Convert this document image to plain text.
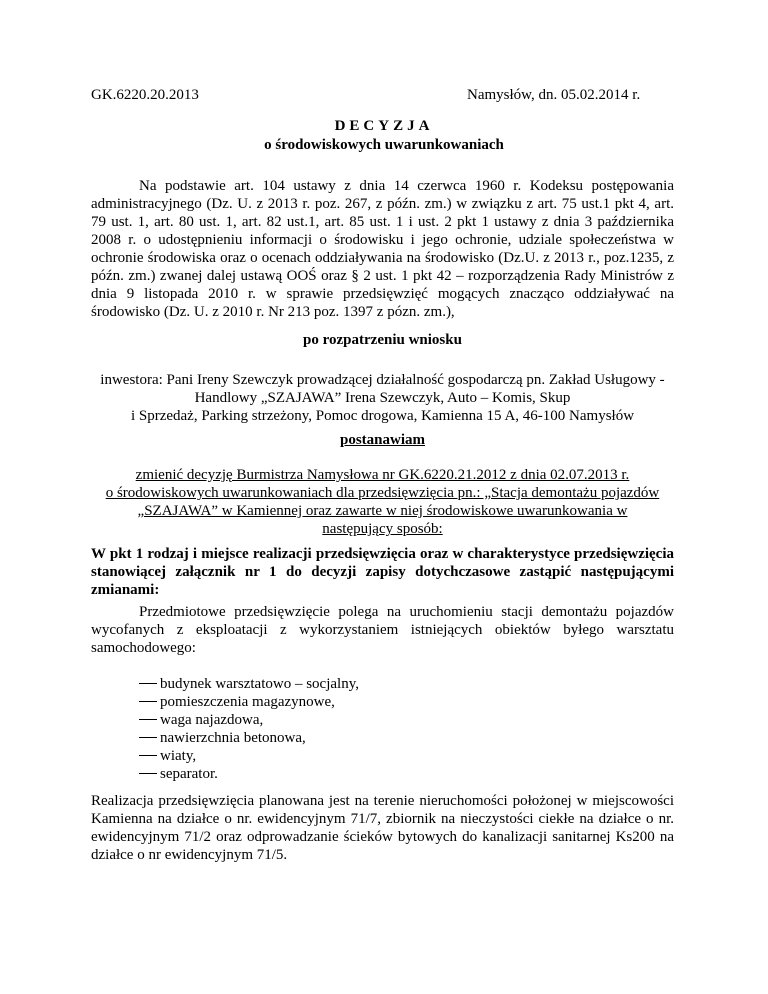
GK.6220.20.2013	Namysłów, dn. 05.02.2014 r.
DECYZJA
o środowiskowych uwarunkowaniach
Na podstawie art. 104 ustawy z dnia 14 czerwca 1960 r. Kodeksu postępowania administracyjnego (Dz. U. z 2013 r. poz. 267, z późn. zm.) w związku z art. 75 ust.1 pkt 4, art. 79 ust. 1, art. 80 ust. 1, art. 82 ust.1, art. 85 ust. 1 i ust. 2 pkt 1 ustawy z dnia 3 października 2008 r. o udostępnieniu informacji o środowisku i jego ochronie, udziale społeczeństwa w ochronie środowiska oraz o ocenach oddziaływania na środowisko (Dz.U. z 2013 r., poz.1235, z późn. zm.) zwanej dalej ustawą OOŚ oraz § 2 ust. 1 pkt 42 – rozporządzenia Rady Ministrów z dnia 9 listopada 2010 r. w sprawie przedsięwzięć mogących znacząco oddziaływać na środowisko (Dz. U. z 2010 r. Nr 213 poz. 1397 z pózn. zm.),
po rozpatrzeniu wniosku
inwestora: Pani Ireny Szewczyk prowadzącej działalność gospodarczą pn. Zakład Usługowy -
Handlowy „SZAJAWA” Irena Szewczyk, Auto – Komis, Skup
i Sprzedaż, Parking strzeżony, Pomoc drogowa, Kamienna 15 A, 46-100 Namysłów
postanawiam
zmienić decyzję Burmistrza Namysłowa nr GK.6220.21.2012 z dnia 02.07.2013 r.
o środowiskowych uwarunkowaniach dla przedsięwzięcia pn.: „Stacja demontażu pojazdów
„SZAJAWA” w Kamiennej oraz zawarte w niej środowiskowe uwarunkowania w
następujący sposób:
W pkt 1 rodzaj i miejsce realizacji przedsięwzięcia oraz w charakterystyce przedsięwzięcia stanowiącej załącznik nr 1 do decyzji zapisy dotychczasowe zastąpić następującymi zmianami:
Przedmiotowe przedsięwzięcie polega na uruchomieniu stacji demontażu pojazdów wycofanych z eksploatacji z wykorzystaniem istniejących obiektów byłego warsztatu samochodowego:
budynek warsztatowo – socjalny,
pomieszczenia magazynowe,
waga najazdowa,
nawierzchnia betonowa,
wiaty,
separator.
Realizacja przedsięwzięcia planowana jest na terenie nieruchomości położonej w miejscowości Kamienna na działce o nr. ewidencyjnym 71/7, zbiornik na nieczystości ciekłe na działce o nr. ewidencyjnym 71/2 oraz odprowadzanie ścieków bytowych do kanalizacji sanitarnej Ks200 na działce o nr ewidencyjnym 71/5.
